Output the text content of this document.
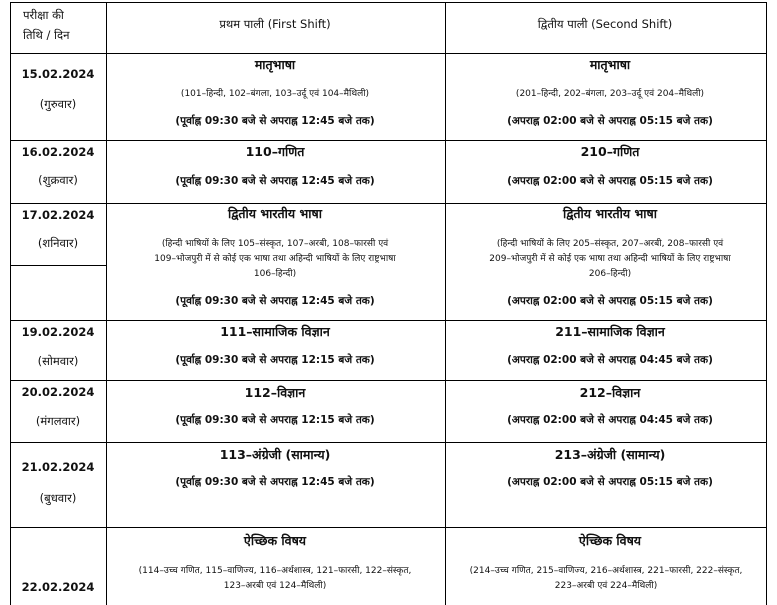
परीक्षा की
तिथि / दिन
प्रथम पाली (First Shift)	द्वितीय पाली (Second Shift)
15.02.2024
(गुरुवार)
मातृभाषा
(101–हिन्दी, 102–बंगला, 103–उर्दू एवं 104–मैथिली)
(पूर्वाह्न 09:30 बजे से अपराह्न 12:45 बजे तक)
मातृभाषा
(201–हिन्दी, 202–बंगला, 203–उर्दू एवं 204–मैथिली)
(अपराह्न 02:00 बजे से अपराह्न 05:15 बजे तक)
16.02.2024
(शुक्रवार)
110–गणित
(पूर्वाह्न 09:30 बजे से अपराह्न 12:45 बजे तक)
210–गणित
(अपराह्न 02:00 बजे से अपराह्न 05:15 बजे तक)
17.02.2024
(शनिवार)
द्वितीय भारतीय भाषा
(हिन्दी भाषियों के लिए 105–संस्कृत, 107–अरबी, 108–फारसी एवं
109–भोजपुरी में से कोई एक भाषा तथा अहिन्दी भाषियों के लिए राष्ट्रभाषा
106–हिन्दी)
(पूर्वाह्न 09:30 बजे से अपराह्न 12:45 बजे तक)
द्वितीय भारतीय भाषा
(हिन्दी भाषियों के लिए 205–संस्कृत, 207–अरबी, 208–फारसी एवं
209–भोजपुरी में से कोई एक भाषा तथा अहिन्दी भाषियों के लिए राष्ट्रभाषा
206–हिन्दी)
(अपराह्न 02:00 बजे से अपराह्न 05:15 बजे तक)
19.02.2024
(सोमवार)
111–सामाजिक विज्ञान
(पूर्वाह्न 09:30 बजे से अपराह्न 12:15 बजे तक)
211–सामाजिक विज्ञान
(अपराह्न 02:00 बजे से अपराह्न 04:45 बजे तक)
20.02.2024
(मंगलवार)
112–विज्ञान
(पूर्वाह्न 09:30 बजे से अपराह्न 12:15 बजे तक)
212–विज्ञान
(अपराह्न 02:00 बजे से अपराह्न 04:45 बजे तक)
21.02.2024
(बुधवार)
113–अंग्रेजी (सामान्य)
(पूर्वाह्न 09:30 बजे से अपराह्न 12:45 बजे तक)
213–अंग्रेजी (सामान्य)
(अपराह्न 02:00 बजे से अपराह्न 05:15 बजे तक)
22.02.2024
ऐच्छिक विषय
(114–उच्च गणित, 115–वाणिज्य, 116–अर्थशास्त्र, 121–फारसी, 122–संस्कृत,
123–अरबी एवं 124–मैथिली)
ऐच्छिक विषय
(214–उच्च गणित, 215–वाणिज्य, 216–अर्थशास्त्र, 221–फारसी, 222–संस्कृत,
223–अरबी एवं 224–मैथिली)
